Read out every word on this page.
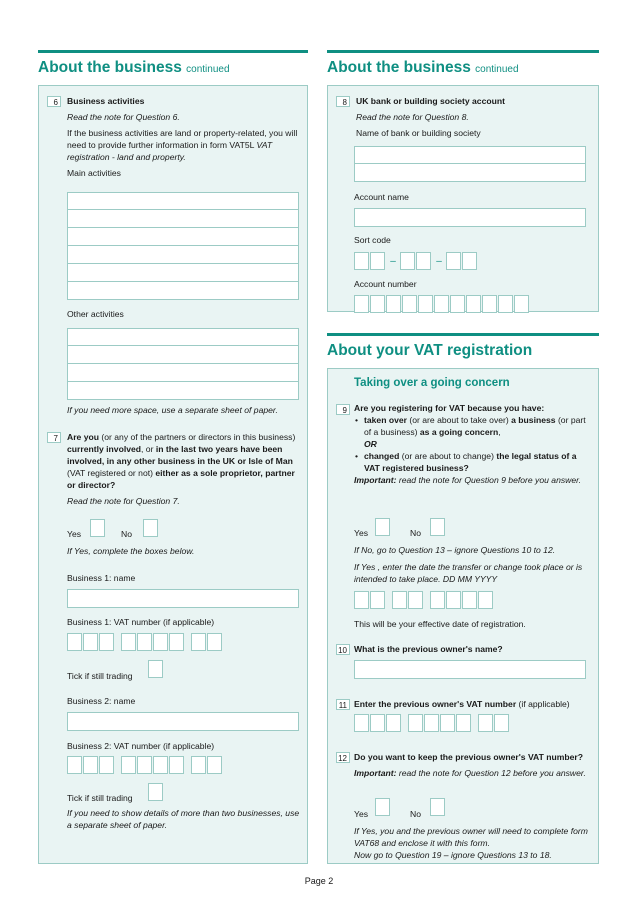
About the business continued
6	Business activities

Read the note for Question 6.

If the business activities are land or property-related, you will need to provide further information in form VAT5L VAT registration - land and property.
Main activities
Other activities
If you need more space, use a separate sheet of paper.
7	Are you (or any of the partners or directors in this business) currently involved, or in the last two years have been involved, in any other business in the UK or Isle of Man (VAT registered or not) either as a sole proprietor, partner or director?
Read the note for Question 7.
Yes	No
If Yes, complete the boxes below.
Business 1: name
Business 1: VAT number (if applicable)
Tick if still trading
Business 2: name
Business 2: VAT number (if applicable)
Tick if still trading
If you need to show details of more than two businesses, use a separate sheet of paper.
About the business continued
8	UK bank or building society account

Read the note for Question 8.

Name of bank or building society
Account name
Sort code
–	–
Account number
About your VAT registration
Taking over a going concern
9 Are you registering for VAT because you have:
• taken over (or are about to take over) a business (or part of a business) as a going concern,
OR
• changed (or are about to change) the legal status of a VAT registered business?
Important: read the note for Question 9 before you answer.
Yes	No
If No, go to Question 13 – ignore Questions 10 to 12.
If Yes , enter the date the transfer or change took place or is intended to take place. DD MM YYYY
This will be your effective date of registration.
10 What is the previous owner's name?
11 Enter the previous owner's VAT number (if applicable)
12 Do you want to keep the previous owner's VAT number?
Important: read the note for Question 12 before you answer.
Yes	No
If Yes, you and the previous owner will need to complete form VAT68 and enclose it with this form.
Now go to Question 19 – ignore Questions 13 to 18.
Page 2
